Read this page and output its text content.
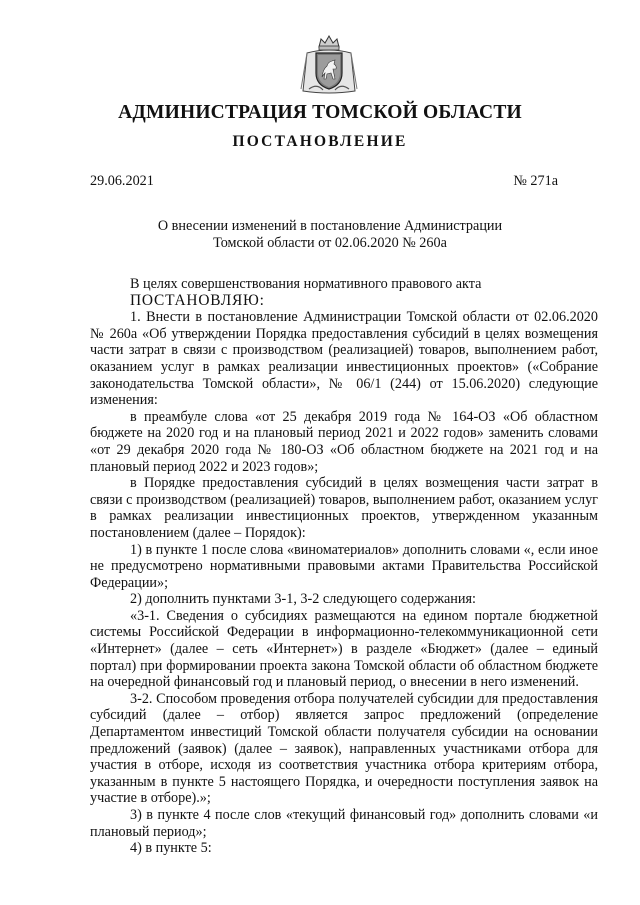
АДМИНИСТРАЦИЯ ТОМСКОЙ ОБЛАСТИ
ПОСТАНОВЛЕНИЕ
29.06.2021	№ 271а
О внесении изменений в постановление Администрации
Томской области от 02.06.2020 № 260а

В целях совершенствования нормативного правового акта

ПОСТАНОВЛЯЮ:

1. Внести в постановление Администрации Томской области от 02.06.2020 № 260а «Об утверждении Порядка предоставления субсидий в целях возмещения части затрат в связи с производством (реализацией) товаров, выполнением работ, оказанием услуг в рамках реализации инвестиционных проектов» («Собрание законодательства Томской области», № 06/1 (244) от 15.06.2020) следующие изменения:

в преамбуле слова «от 25 декабря 2019 года № 164-ОЗ «Об областном бюджете на 2020 год и на плановый период 2021 и 2022 годов» заменить словами «от 29 декабря 2020 года № 180-ОЗ «Об областном бюджете на 2021 год и на плановый период 2022 и 2023 годов»;

в Порядке предоставления субсидий в целях возмещения части затрат в связи с производством (реализацией) товаров, выполнением работ, оказанием услуг в рамках реализации инвестиционных проектов, утвержденном указанным постановлением (далее – Порядок):

1) в пункте 1 после слова «виноматериалов» дополнить словами «, если иное не предусмотрено нормативными правовыми актами Правительства Российской Федерации»;

2) дополнить пунктами 3-1, 3-2 следующего содержания:

«3-1. Сведения о субсидиях размещаются на едином портале бюджетной системы Российской Федерации в информационно-телекоммуникационной сети «Интернет» (далее – сеть «Интернет») в разделе «Бюджет» (далее – единый портал) при формировании проекта закона Томской области об областном бюджете на очередной финансовый год и плановый период, о внесении в него изменений.

3-2. Способом проведения отбора получателей субсидии для предоставления субсидий (далее – отбор) является запрос предложений (определение Департаментом инвестиций Томской области получателя субсидии на основании предложений (заявок) (далее – заявок), направленных участниками отбора для участия в отборе, исходя из соответствия участника отбора критериям отбора, указанным в пункте 5 настоящего Порядка, и очередности поступления заявок на участие в отборе).»;

3) в пункте 4 после слов «текущий финансовый год» дополнить словами «и плановый период»;

4) в пункте 5:
